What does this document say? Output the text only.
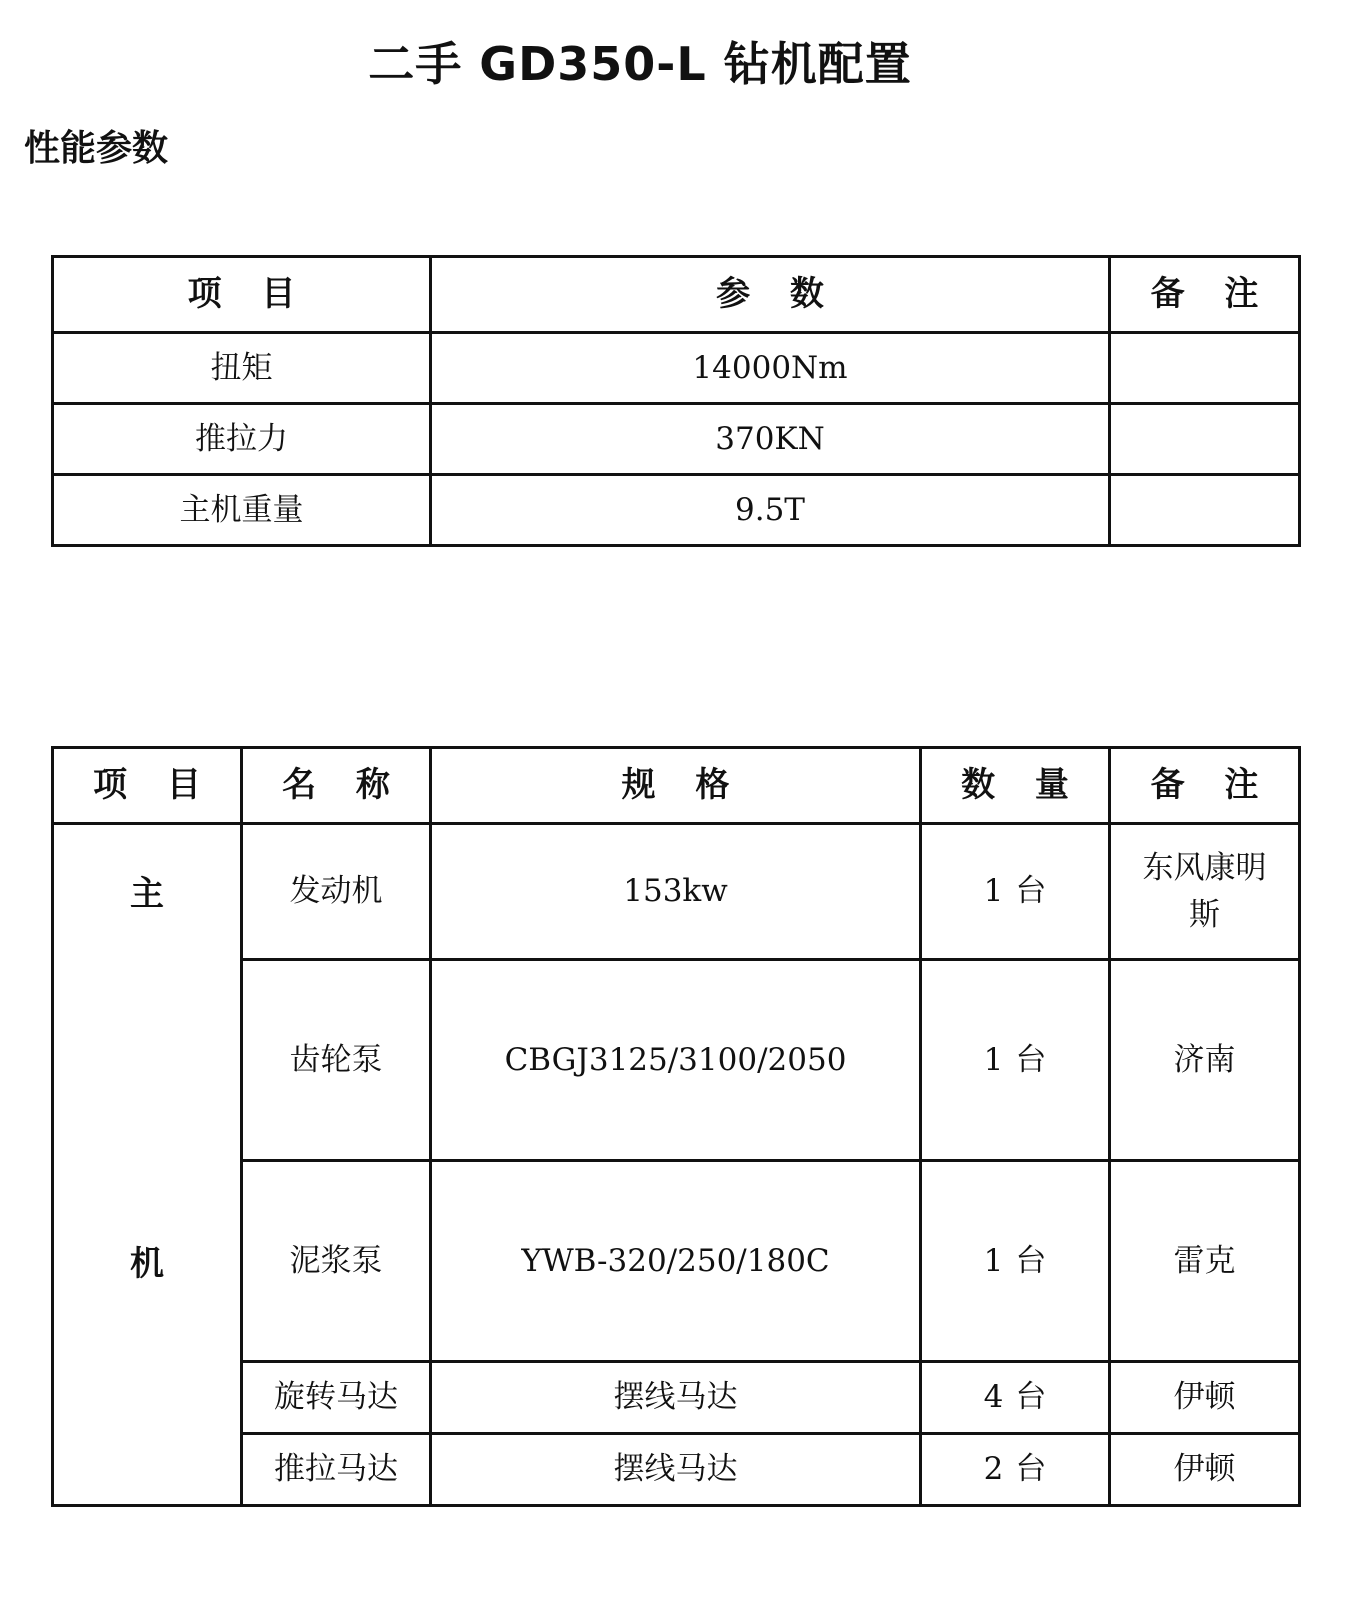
二手 GD350-L 钻机配置
性能参数
项 目	参 数	备 注
扭矩	14000Nm	
推拉力	370KN	
主机重量	9.5T	
项 目	名 称	规 格	数 量	备 注

主
机	发动机	153kw	1 台	东风康明斯
	齿轮泵	CBGJ3125/3100/2050	1 台	济南
	泥浆泵	YWB-320/250/180C	1 台	雷克
	旋转马达	摆线马达	4 台	伊顿
	推拉马达	摆线马达	2 台	伊顿
